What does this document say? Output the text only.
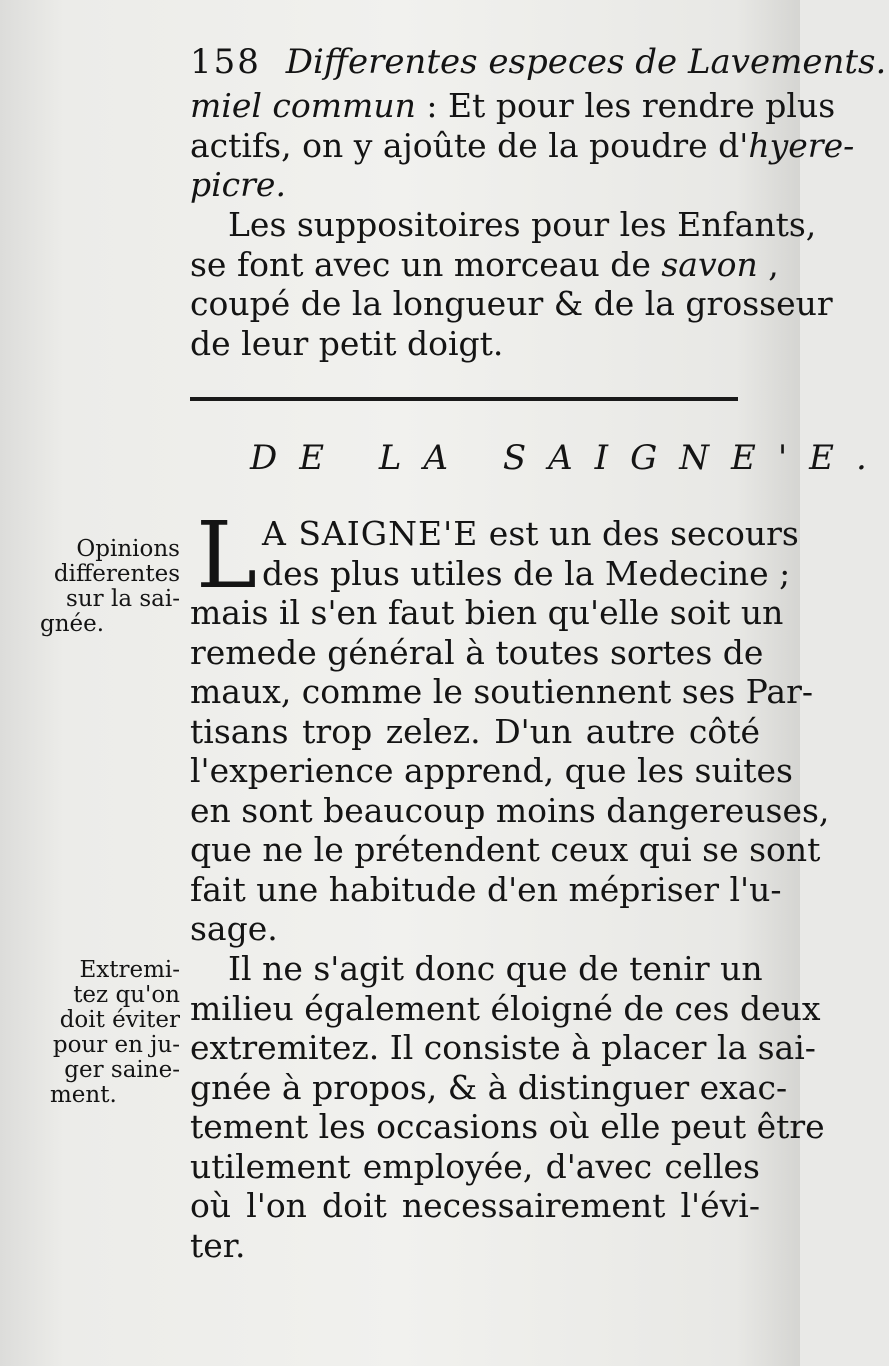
158 Differentes especes de Lavements.
miel commun : Et pour les rendre plus
actifs, on y ajoûte de la poudre d'hyere-
picre.
Les suppositoires pour les Enfants,
se font avec un morceau de savon ,
coupé de la longueur & de la grosseur
de leur petit doigt.
DE LA SAIGNE'E.
L A SAIGNE'E est un des secours
des plus utiles de la Medecine ;
mais il s'en faut bien qu'elle soit un
remede général à toutes sortes de
maux, comme le soutiennent ses Par-
tisans trop zelez. D'un autre côté
l'experience apprend, que les suites
en sont beaucoup moins dangereuses,
que ne le prétendent ceux qui se sont
fait une habitude d'en mépriser l'u-
sage.
Il ne s'agit donc que de tenir un
milieu également éloigné de ces deux
extremitez. Il consiste à placer la sai-
gnée à propos, & à distinguer exac-
tement les occasions où elle peut être
utilement employée, d'avec celles
où l'on doit necessairement l'évi-
ter.
Opinions
differentes
sur la sai-
gnée.
Extremi-
tez qu'on
doit éviter
pour en ju-
ger saine-
ment.
